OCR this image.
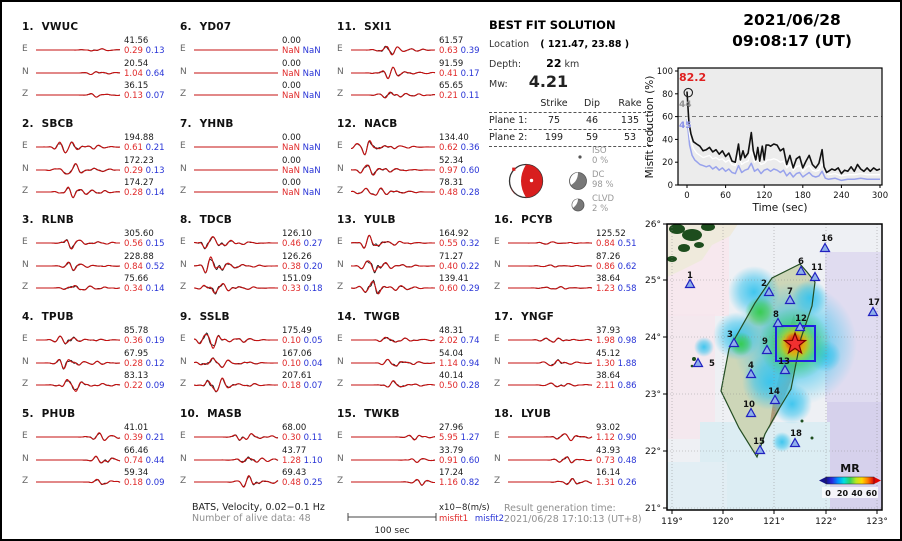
1. VWUC
E
41.56
0.29 0.13
N
20.54
1.04 0.64
Z
36.15
0.13 0.07
2. SBCB
E
194.88
0.61 0.21
N
172.23
0.29 0.13
Z
174.27
0.28 0.14
3. RLNB
E
305.60
0.56 0.15
N
228.88
0.84 0.52
Z
75.66
0.34 0.14
4. TPUB
E
85.78
0.36 0.19
N
67.95
0.28 0.12
Z
83.13
0.22 0.09
5. PHUB
E
41.01
0.39 0.21
N
66.46
0.74 0.44
Z
59.34
0.18 0.09
6. YD07
E
0.00
NaN NaN
N
0.00
NaN NaN
Z
0.00
NaN NaN
7. YHNB
E
0.00
NaN NaN
N
0.00
NaN NaN
Z
0.00
NaN NaN
8. TDCB
E
126.10
0.46 0.27
N
126.26
0.38 0.20
Z
151.09
0.33 0.18
9. SSLB
E
175.49
0.10 0.05
N
167.06
0.10 0.04
Z
207.61
0.18 0.07
10. MASB
E
68.00
0.30 0.11
N
43.77
1.28 1.10
Z
69.43
0.48 0.25
11. SXI1
E
61.57
0.63 0.39
N
91.59
0.41 0.17
Z
65.65
0.21 0.11
12. NACB
E
134.40
0.62 0.36
N
52.34
0.97 0.60
Z
78.31
0.48 0.28
13. YULB
E
164.92
0.55 0.32
N
71.27
0.40 0.22
Z
139.41
0.60 0.29
14. TWGB
E
48.31
2.02 0.74
N
54.04
1.14 0.94
Z
40.14
0.50 0.28
15. TWKB
E
27.96
5.95 1.27
N
33.79
0.91 0.60
Z
17.24
1.16 0.82
16. PCYB
E
125.52
0.84 0.51
N
87.26
0.86 0.62
Z
38.64
1.23 0.58
17. YNGF
E
37.93
1.98 0.98
N
45.12
1.30 1.88
Z
38.64
2.11 0.86
18. LYUB
E
93.02
1.12 0.90
N
43.93
0.73 0.48
Z
16.14
1.31 0.26
BEST FIT SOLUTION
Location ( 121.47, 23.88 )
Depth: 22 km
Mw: 4.21
Strike	Dip	Rake
Plane 1:	75	46	135
Plane 2:	199	59	53
ISO
0 %
DC
98 %
CLVD
2 %
2021/06/28
09:08:17 (UT)
0
20
40
60
80
100
0	60	120	180	240	300
82.2
44
45
Time (sec)
Misfit reduction (%)
1
2
3
4
5
6
7
8
9
10
11
12
13
14
15
16
17
18
MR
0 20 40 60
119°	120°	121°	122°	123°
26°
25°
24°
23°
22°
21°
BATS, Velocity, 0.02−0.1 Hz
Number of alive data: 48
100 sec
x10−8(m/s)
misfit1 misfit2
Result generation time:
2021/06/28 17:10:13 (UT+8)
